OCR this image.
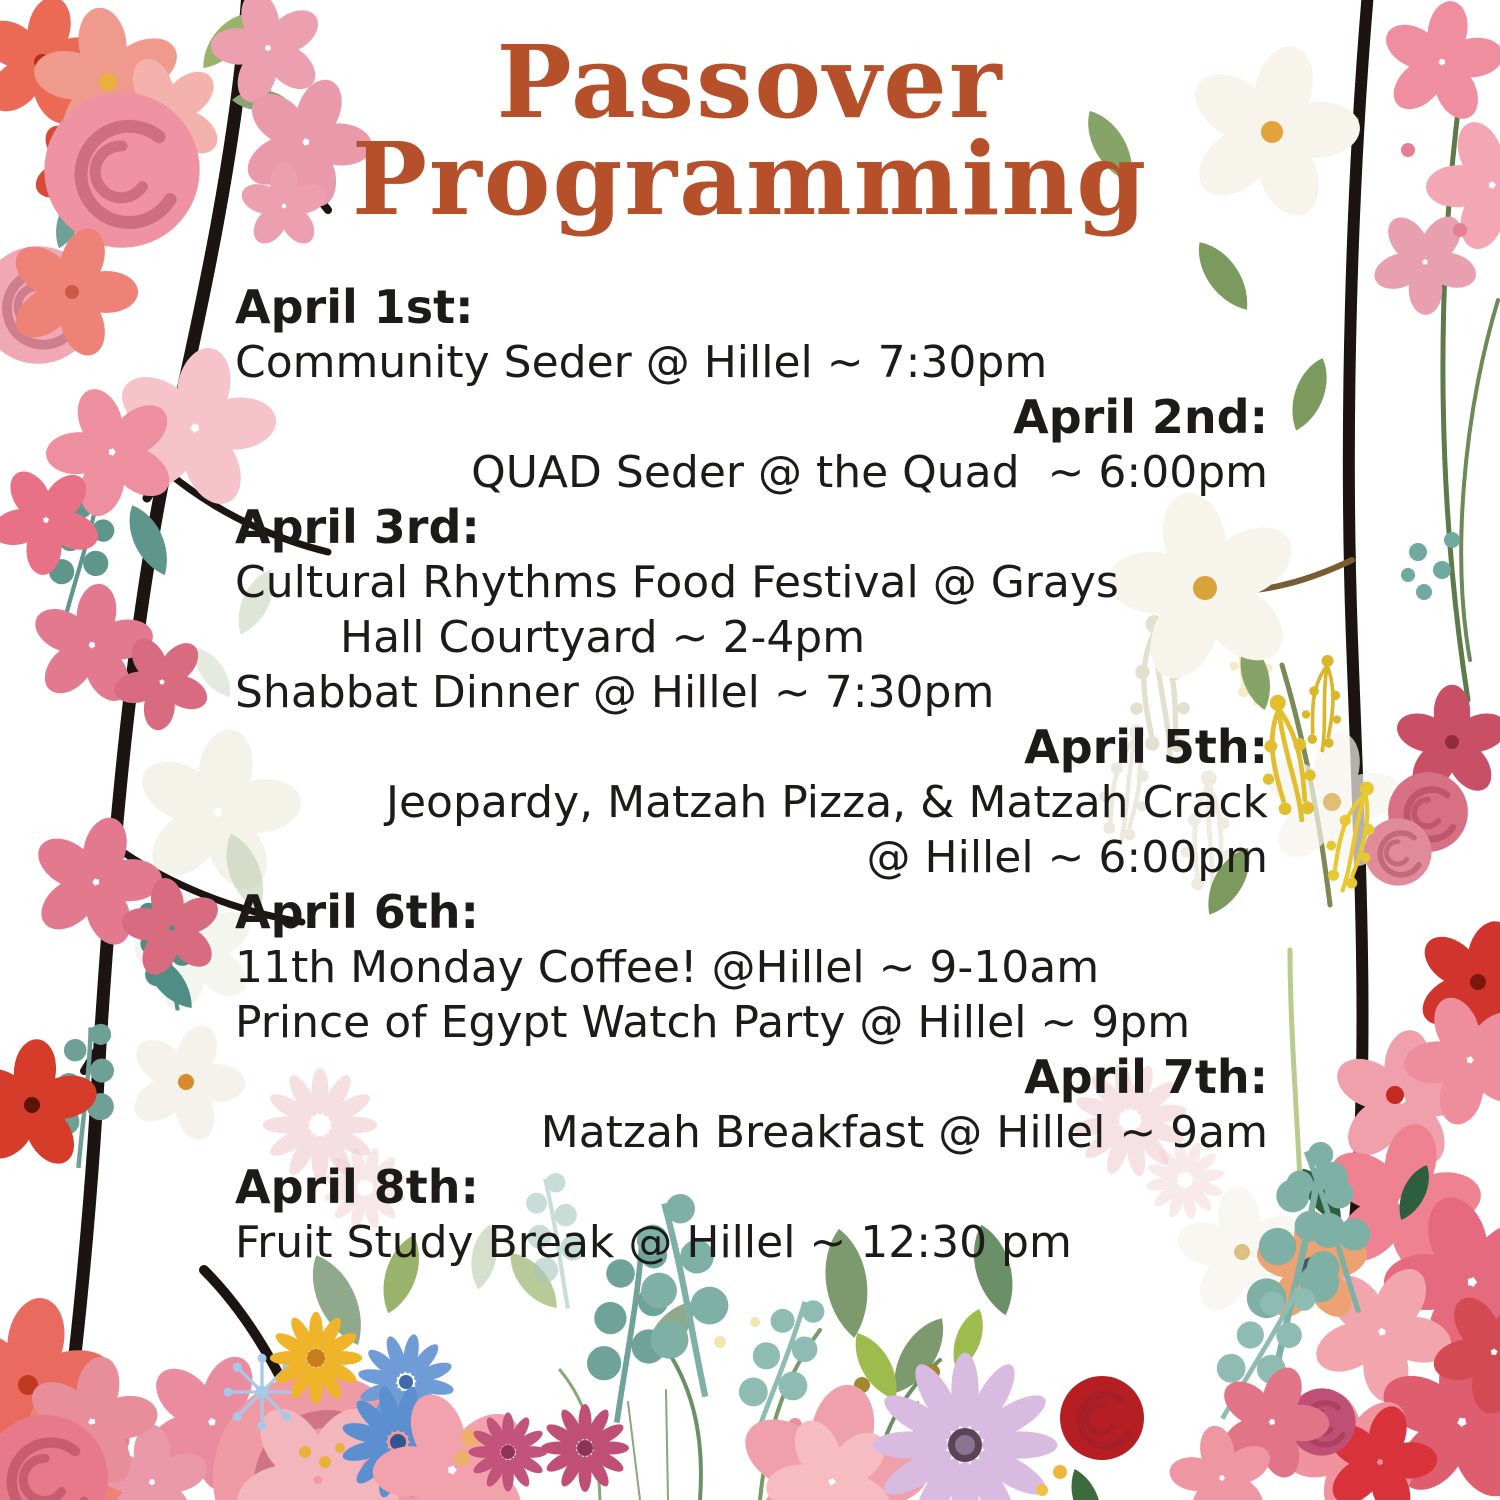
Passover
Programming
April 1st:

Community Seder @ Hillel ~ 7:30pm

April 2nd:

QUAD Seder @ the Quad  ~ 6:00pm

April 3rd:

Cultural Rhythms Food Festival @ Grays

Hall Courtyard ~ 2-4pm

Shabbat Dinner @ Hillel ~ 7:30pm

April 5th:

Jeopardy, Matzah Pizza, & Matzah Crack

@ Hillel ~ 6:00pm

April 6th:

11th Monday Coffee! @Hillel ~ 9-10am

Prince of Egypt Watch Party @ Hillel ~ 9pm

April 7th:

Matzah Breakfast @ Hillel ~ 9am

April 8th:

Fruit Study Break @ Hillel ~ 12:30 pm
